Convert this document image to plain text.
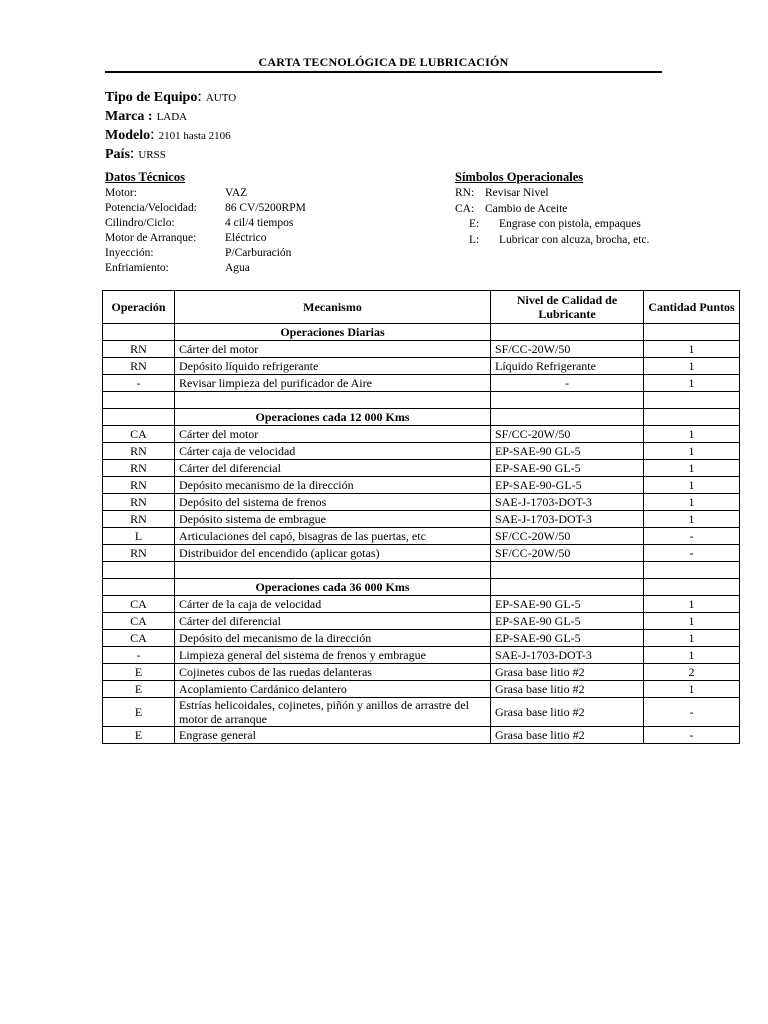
CARTA TECNOLÓGICA DE LUBRICACIÓN
Tipo de Equipo: AUTO
Marca : LADA
Modelo: 2101 hasta 2106
País: URSS
Datos Técnicos
Motor:	VAZ
Potencia/Velocidad: 86 CV/5200RPM
Cilindro/Ciclo:	4 cil/4 tiempos
Motor de Arranque: Eléctrico
Inyección:	P/Carburación
Enfriamiento:	Agua
Símbolos Operacionales
RN: Revisar Nivel
CA: Cambio de Aceite
E: Engrase con pistola, empaques
L: Lubricar con alcuza, brocha, etc.
Operación	Mecanismo	Nivel de Calidad de Lubricante	Cantidad Puntos
	Operaciones Diarias		
RN	Cárter del motor	SF/CC-20W/50	1
RN	Depósito líquido refrigerante	Líquido Refrigerante	1
-	Revisar limpieza del purificador de Aire	-	1

	Operaciones cada 12 000 Kms		
CA	Cárter del motor	SF/CC-20W/50	1
RN	Cárter caja de velocidad	EP-SAE-90 GL-5	1
RN	Cárter del diferencial	EP-SAE-90 GL-5	1
RN	Depósito mecanismo de la dirección	EP-SAE-90-GL-5	1
RN	Depósito del sistema de frenos	SAE-J-1703-DOT-3	1
RN	Depósito sistema de embrague	SAE-J-1703-DOT-3	1
L	Articulaciones del capó, bisagras de las puertas, etc	SF/CC-20W/50	-
RN	Distribuidor del encendido (aplicar gotas)	SF/CC-20W/50	-

	Operaciones cada 36 000 Kms		
CA	Cárter de la caja de velocidad	EP-SAE-90 GL-5	1
CA	Cárter del diferencial	EP-SAE-90 GL-5	1
CA	Depósito del mecanismo de la dirección	EP-SAE-90 GL-5	1
-	Limpieza general del sistema de frenos y embrague	SAE-J-1703-DOT-3	1
E	Cojinetes cubos de las ruedas delanteras	Grasa base litio #2	2
E	Acoplamiento Cardánico delantero	Grasa base litio #2	1
E	Estrías helicoidales, cojinetes, piñón y anillos de arrastre del motor de arranque	Grasa base litio #2	-
E	Engrase general	Grasa base litio #2	-
